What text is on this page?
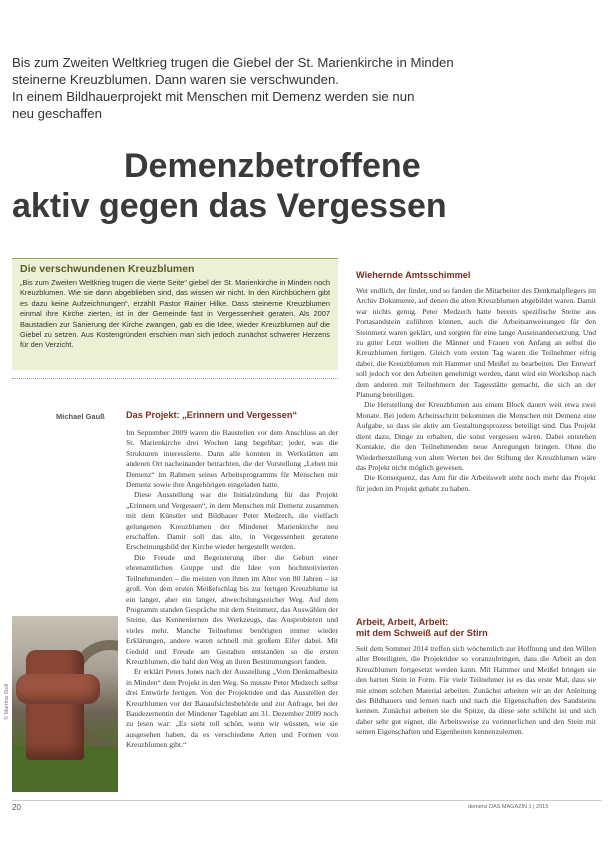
Bis zum Zweiten Weltkrieg trugen die Giebel der St. Marienkirche in Minden
steinerne Kreuzblumen. Dann waren sie verschwunden.
In einem Bildhauerprojekt mit Menschen mit Demenz werden sie nun
neu geschaffen
Demenzbetroffene
aktiv gegen das Vergessen
Die verschwundenen Kreuzblumen
„Bis zum Zweiten Weltkrieg trugen die vierte Seite“ giebel der St. Marienkirche in Minden noch Kreuzblumen. Wie sie dann abgeblieben sind, das wissen wir nicht. In den Kirchbüchern gibt es dazu keine Aufzeichnungen“, erzählt Pastor Rainer Hilke. Dass steinerne Kreuzblumen einmal ihre Kirche zierten, ist in der Gemeinde fast in Vergessenheit geraten. Als 2007 Baustadien zur Sanierung der Kirche zwangen, gab es die Idee, wieder Kreuzblumen auf die Giebel zu setzen. Aus Kostengründen erschien man sich jedoch zunächst schwerer Herzens für den Verzicht.
Michael Gauß Das Projekt: „Erinnern und Vergessen“

Im September 2009 waren die Baustellen vor dem Anschluss an der St. Marienkirche drei Wochen lang begehbar; jeder, was die Strukturen interessierte. Dann alle konnten in Werkstätten am anderen Ort nacheinander betrachten, die der Vorstellung „Leben mit Demenz“ im Rahmen seines Arbeitsprogramms für Menschen mit Demenz sowie ihre Angehörigen eingeladen hatte.

Diese Ausstellung war die Initialzündung für das Projekt „Erinnern und Vergessen“, in dem Menschen mit Demenz zusammen mit dem Künstler und Bildhauer Peter Medzech, die vielfach gelungenen Kreuzblumen der Mindener Marienkirche neu erschaffen. Damit soll das alte, in Vergessenheit geratene Erscheinungsbild der Kirche wieder hergestellt werden.

Die Freude und Begeisterung über die Geburt einer ehrenamtlichen Gruppe und die Idee von hochmotivierten Teilnehmenden – die meisten von ihnen im Alter von 80 Jahren – ist groß. Von dem ersten Meißelschlag bis zur fertigen Kreuzblume ist ein langer, aber ein langer, abwechslungsreicher Weg. Auf dem Programm standen Gespräche mit dem Steinmetz, das Auswählen der Steine, das Kennenlernen des Werkzeugs, das Ausprobieren und vieles mehr. Manche Teilnehmer benötigten immer wieder Erklärungen, andere waren schnell mit großem Eifer dabei. Mit Geduld und Freude am Gestalten entstanden so die ersten Kreuzblumen, die bald den Weg an ihren Bestimmungsort fanden.

Er erklärt Peters Jones nach der Ausstellung „Vom Denkmalbesitz in Minden“ dem Projekt in den Weg. So musste Peter Medzech selbst drei Entwürfe fertigen. Von der Projektidee und das Ausstellen der Kreuzblumen vor der Bauaufsichtsbehörde und zur Anfrage, bei der Baudezernentin der Mindener Tageblatt am 31. Dezember 2009 noch zu lesen war: „Es sieht toll schön, wenn wir wüssten, wie sie ausgesehen haben, da es verschiedene Arten und Formen von Kreuzblumen gibt.“

Wiehernde Amtsschimmel

Wer endlich, der findet, und so fanden die Mitarbeiter des Denkmalpflegers im Archiv Dokumente, auf denen die alten Kreuzblumen abgebildet waren. Damit war nichts genug. Peter Medzech hatte bereits spezifische Steine aus Portasandstein zuführen können, auch die Arbeitsanweisungen für den Steinmetz waren geklärt, und sorgten für eine lange Auseinandersetzung. Und zu guter Letzt wollten die Männer und Frauen von Anfang an selbst die Kreuzblumen fertigen. Gleich vom ersten Tag waren die Teilnehmer eifrig dabei, die Kreuzblumen mit Hammer und Meißel zu bearbeiten. Der Entwurf soll jedoch vor den Arbeiten genehmigt werden, dann wird ein Workshop nach dem anderen mit Teilnehmern der Tagesstätte gemacht, die sich an der Planung beteiligen.

Die Herstellung der Kreuzblumen aus einem Block dauert weit etwa zwei Monate. Bei jedem Arbeitsschritt bekommen die Menschen mit Demenz eine Aufgabe, so dass sie aktiv am Gestaltungsprozess beteiligt sind. Das Projekt dient dazu, Dinge zu erhalten, die sonst vergessen wären. Dabei entstehen Kontakte, die den Teilnehmenden neue Anregungen bringen. Ohne die Wiederherstellung von alten Werten bei der Stiftung der Kreuzblumen wäre das Projekt nicht möglich gewesen.

Die Konsequenz, das Amt für die Arbeitswelt steht noch mehr das Projekt für jeden im Projekt gehabt zu haben.

Arbeit, Arbeit, Arbeit:
mit dem Schweiß auf der Stirn

Seit dem Sommer 2014 treffen sich wöchentlich zur Hoffnung und den Willen aller Beteiligten, die Projektidee so voranzubringen, dass die Arbeit an den Kreuzblumen fortgesetzt werden kann. Mit Hammer und Meißel bringen sie den harten Stein in Form. Für viele Teilnehmer ist es das erste Mal, dass sie mit einem solchen Material arbeiten. Zunächst arbeiten wir an der Anleitung des Bildhauers und lernen nach und nach die Eigenschaften des Sandsteins kennen. Zunächst arbeiten sie die Spitze, da diese sehr schlicht ist und sich daher sehr gut eignet, die Arbeitsweise zu verinnerlichen und den Stein mit seinen Eigenschaften und Eigenheiten kennenzulernen.

© Martina Stoll
20	demenz DAS MAGAZIN 1 | 2015
